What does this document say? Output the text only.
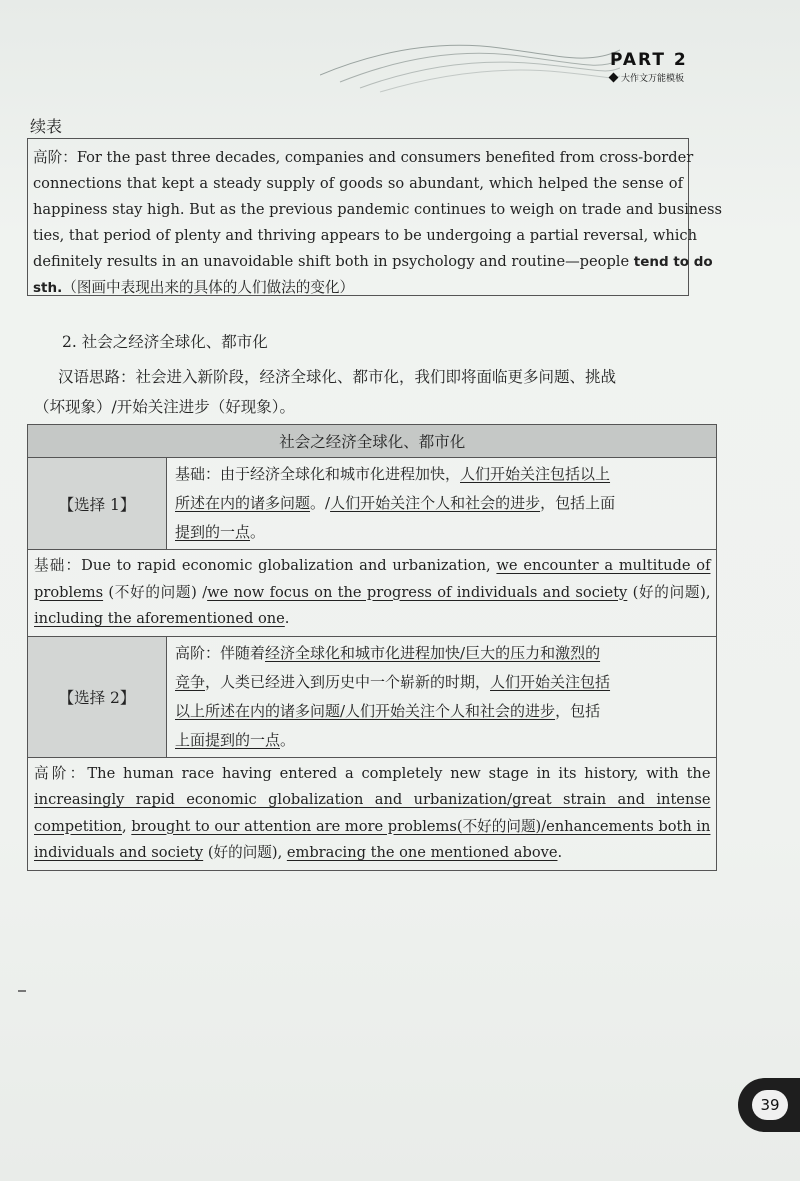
PART 2
大作文万能模板
续表
高阶：For the past three decades, companies and consumers benefited from cross-border
connections that kept a steady supply of goods so abundant, which helped the sense of
happiness stay high. But as the previous pandemic continues to weigh on trade and business
ties, that period of plenty and thriving appears to be undergoing a partial reversal, which
definitely results in an unavoidable shift both in psychology and routine—people tend to do
sth.（图画中表现出来的具体的人们做法的变化）
2. 社会之经济全球化、都市化
汉语思路：社会进入新阶段，经济全球化、都市化，我们即将面临更多问题、挑战
（坏现象）/开始关注进步（好现象）。
社会之经济全球化、都市化	
【选择 1】	基础：由于经济全球化和城市化进程加快，人们开始关注包括以上
所述在内的诸多问题。/人们开始关注个人和社会的进步，包括上面
提到的一点。

基础：Due to rapid economic globalization and urbanization, we encounter a multitude of
problems (不好的问题) /we now focus on the progress of individuals and society (好的问题),
including the aforementioned one.	

【选择 2】	高阶：伴随着经济全球化和城市化进程加快/巨大的压力和激烈的
竞争，人类已经进入到历史中一个崭新的时期，人们开始关注包括
以上所述在内的诸多问题/人们开始关注个人和社会的进步，包括
上面提到的一点。

高阶：The human race having entered a completely new stage in its history, with the
increasingly rapid economic globalization and urbanization/great strain and intense
competition, brought to our attention are more problems(不好的问题)/enhancements both in
individuals and society (好的问题), embracing the one mentioned above.	
39
